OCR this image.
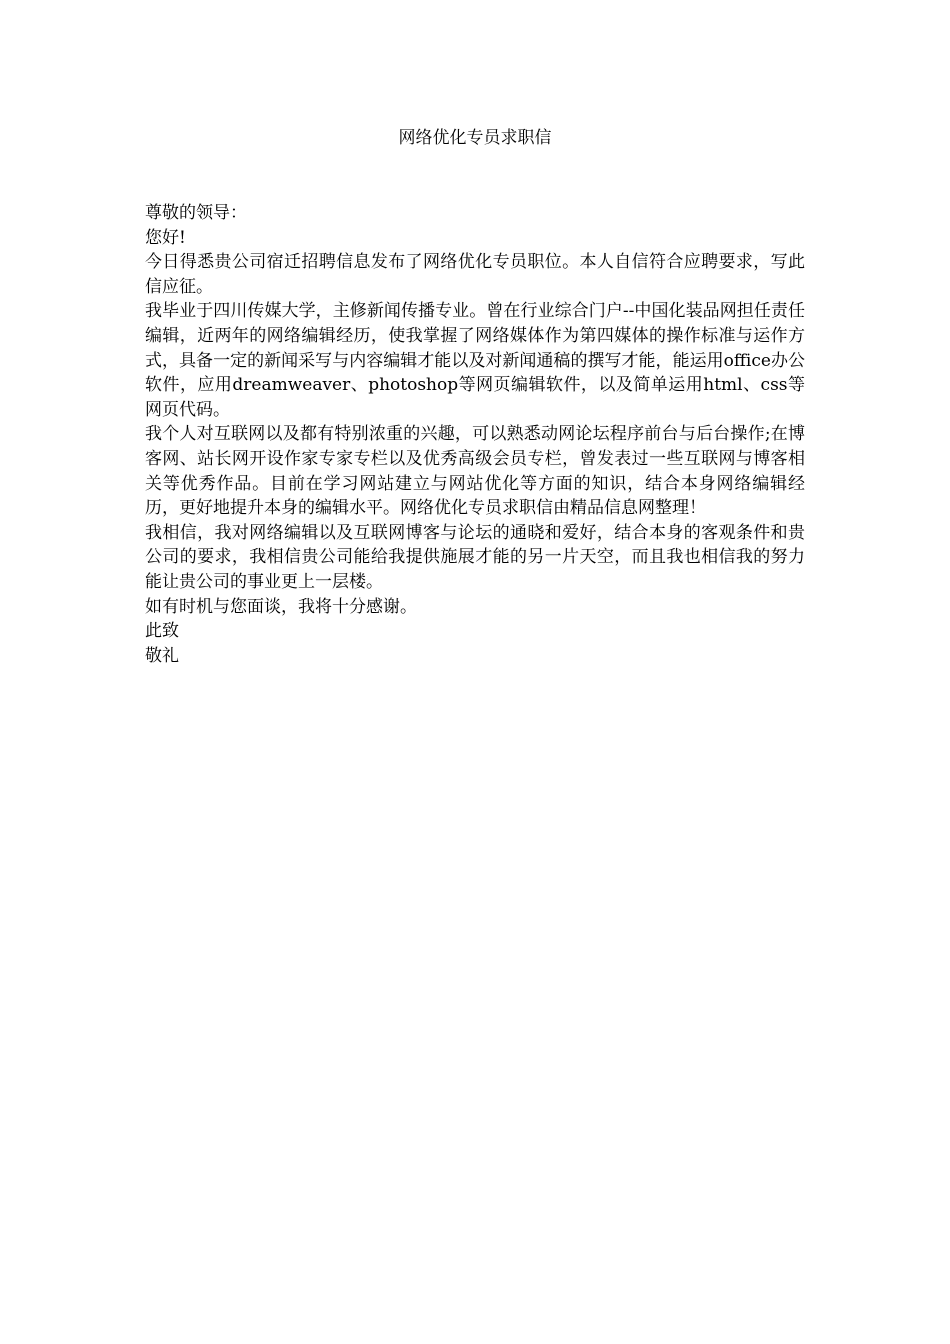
网络优化专员求职信

尊敬的领导：

您好!

今日得悉贵公司宿迁招聘信息发布了网络优化专员职位。本人自信符合应聘要求，写此信应征。

我毕业于四川传媒大学，主修新闻传播专业。曾在行业综合门户--中国化装品网担任责任编辑，近两年的网络编辑经历，使我掌握了网络媒体作为第四媒体的操作标准与运作方式，具备一定的新闻采写与内容编辑才能以及对新闻通稿的撰写才能，能运用office办公软件，应用dreamweaver、photoshop等网页编辑软件，以及简单运用html、css等网页代码。

我个人对互联网以及都有特别浓重的兴趣，可以熟悉动网论坛程序前台与后台操作;在博客网、站长网开设作家专家专栏以及优秀高级会员专栏，曾发表过一些互联网与博客相关等优秀作品。目前在学习网站建立与网站优化等方面的知识，结合本身网络编辑经历，更好地提升本身的编辑水平。网络优化专员求职信由精品信息网整理！

我相信，我对网络编辑以及互联网博客与论坛的通晓和爱好，结合本身的客观条件和贵公司的要求，我相信贵公司能给我提供施展才能的另一片天空，而且我也相信我的努力能让贵公司的事业更上一层楼。

如有时机与您面谈，我将十分感谢。

此致

敬礼
